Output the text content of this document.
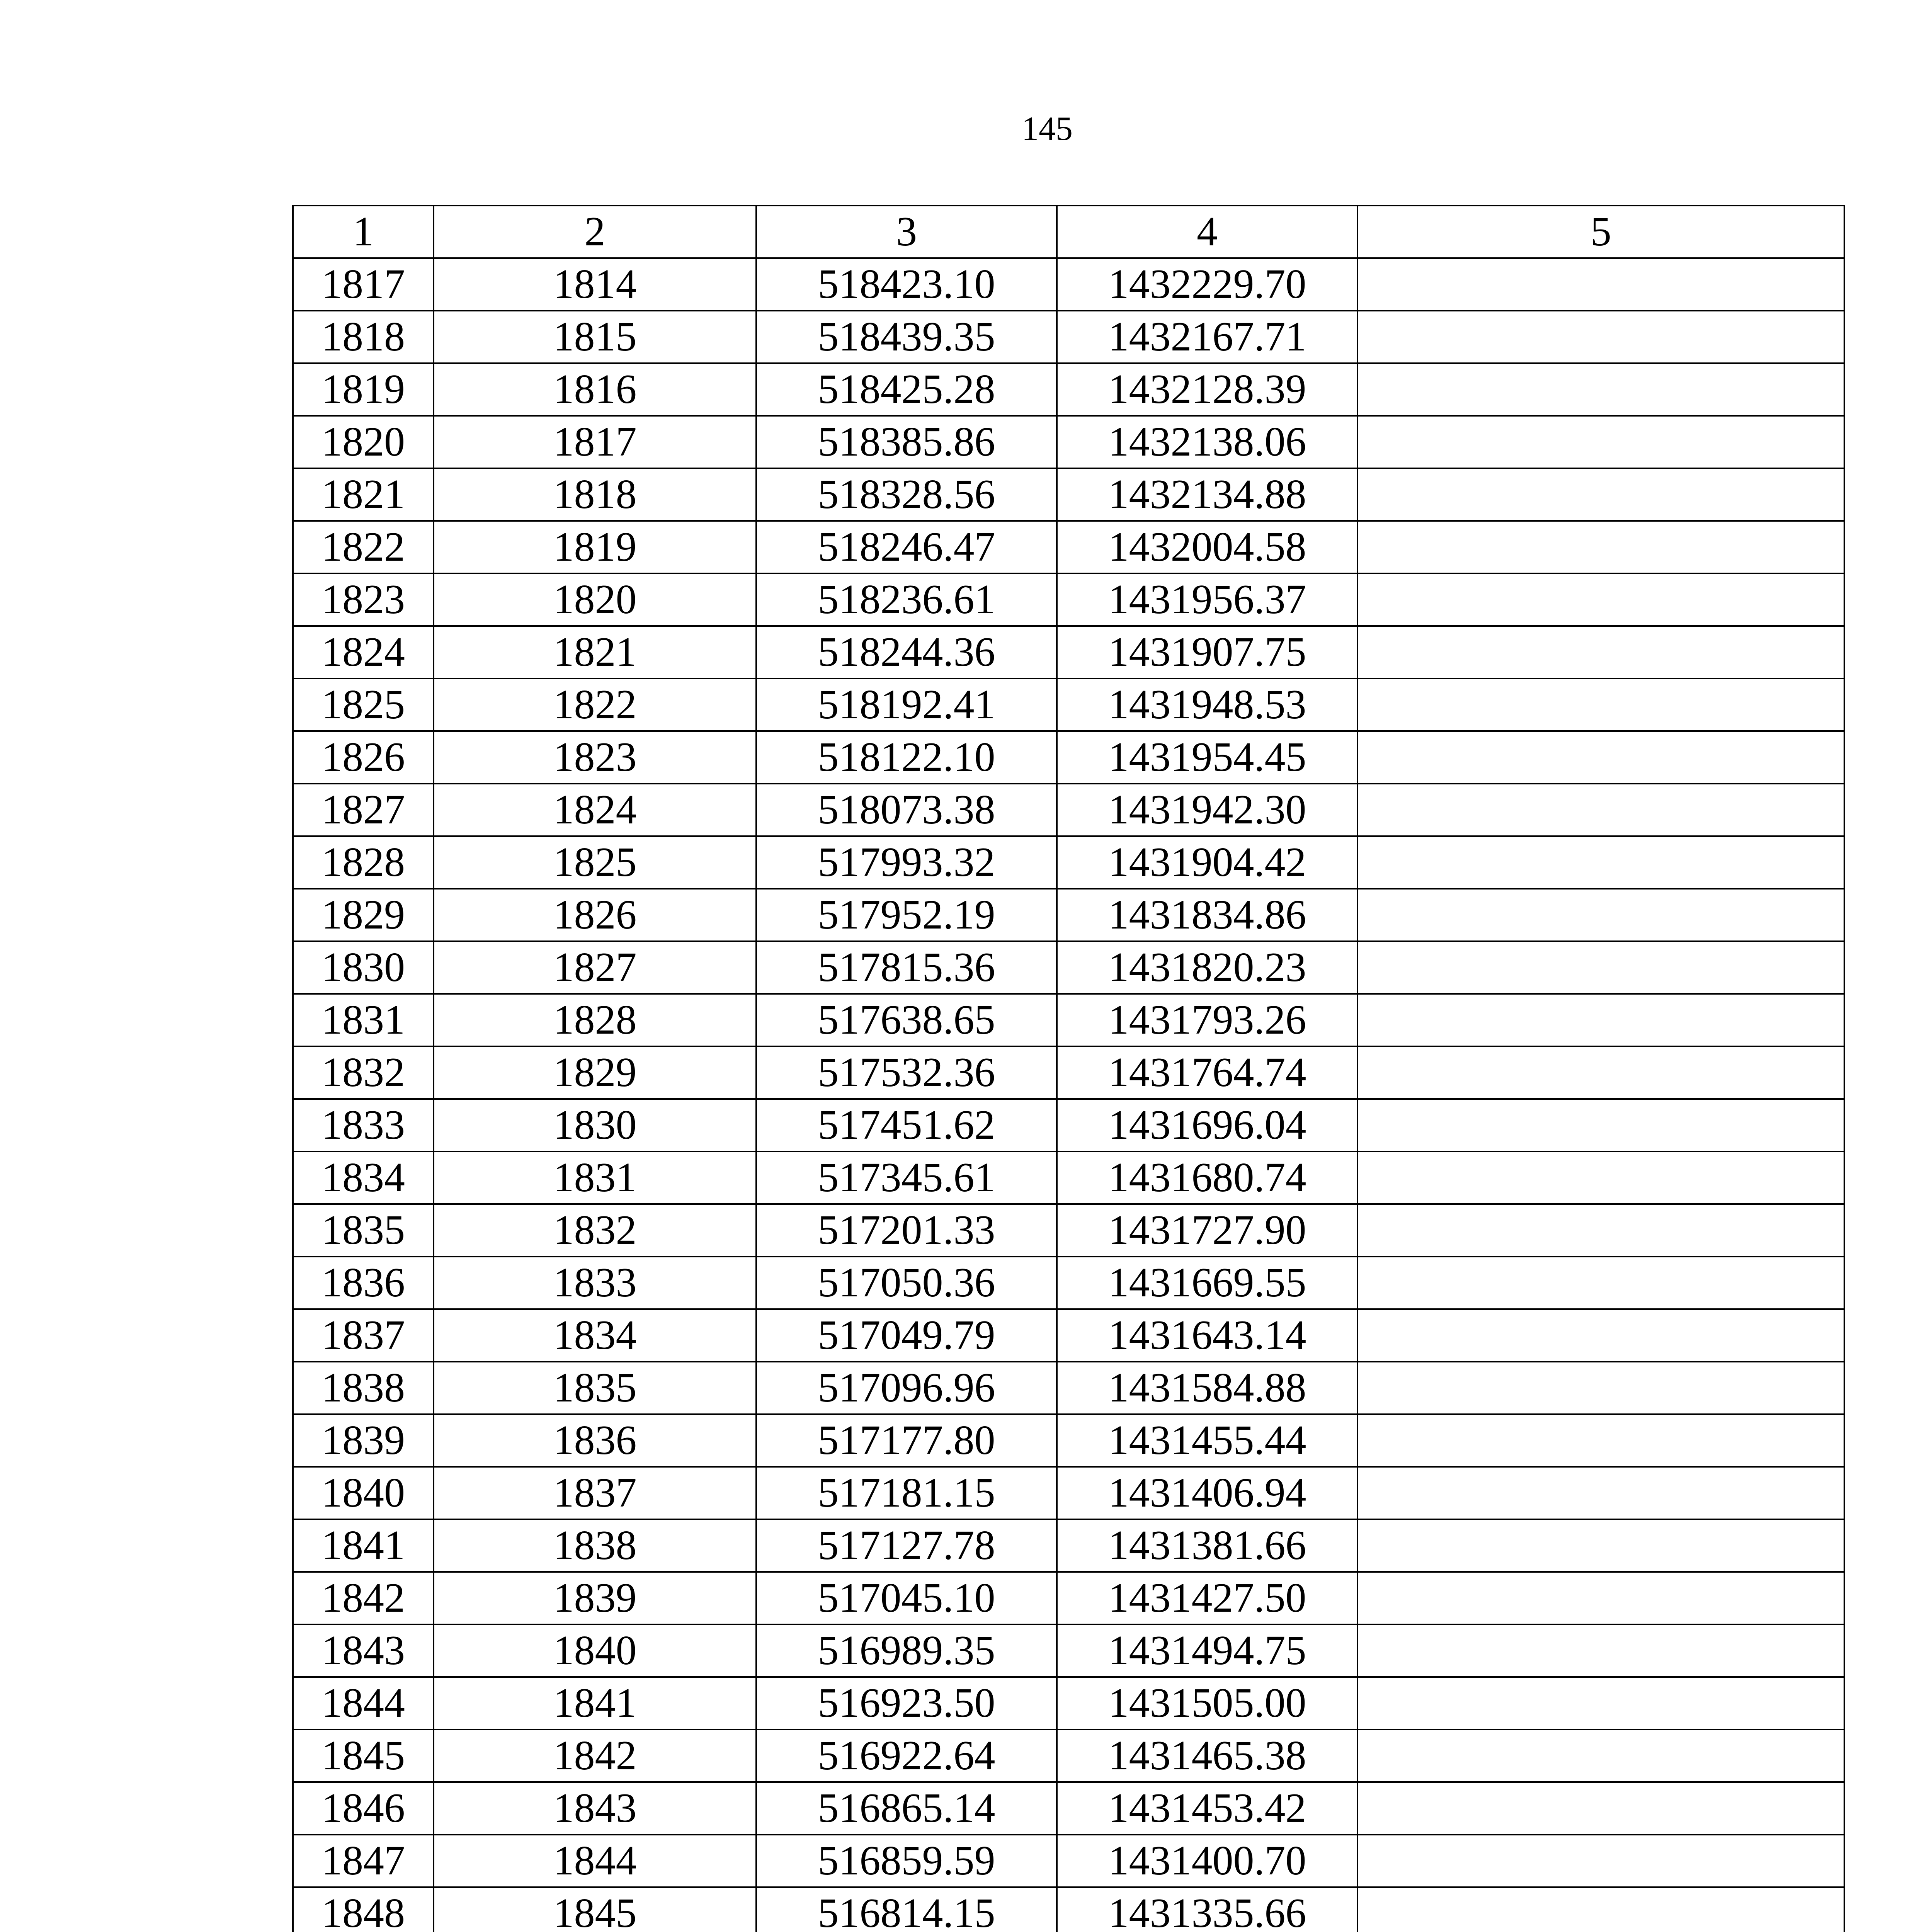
145
1	2	3	4	5
1817	1814	518423.10	1432229.70	
1818	1815	518439.35	1432167.71	
1819	1816	518425.28	1432128.39	
1820	1817	518385.86	1432138.06	
1821	1818	518328.56	1432134.88	
1822	1819	518246.47	1432004.58	
1823	1820	518236.61	1431956.37	
1824	1821	518244.36	1431907.75	
1825	1822	518192.41	1431948.53	
1826	1823	518122.10	1431954.45	
1827	1824	518073.38	1431942.30	
1828	1825	517993.32	1431904.42	
1829	1826	517952.19	1431834.86	
1830	1827	517815.36	1431820.23	
1831	1828	517638.65	1431793.26	
1832	1829	517532.36	1431764.74	
1833	1830	517451.62	1431696.04	
1834	1831	517345.61	1431680.74	
1835	1832	517201.33	1431727.90	
1836	1833	517050.36	1431669.55	
1837	1834	517049.79	1431643.14	
1838	1835	517096.96	1431584.88	
1839	1836	517177.80	1431455.44	
1840	1837	517181.15	1431406.94	
1841	1838	517127.78	1431381.66	
1842	1839	517045.10	1431427.50	
1843	1840	516989.35	1431494.75	
1844	1841	516923.50	1431505.00	
1845	1842	516922.64	1431465.38	
1846	1843	516865.14	1431453.42	
1847	1844	516859.59	1431400.70	
1848	1845	516814.15	1431335.66	
